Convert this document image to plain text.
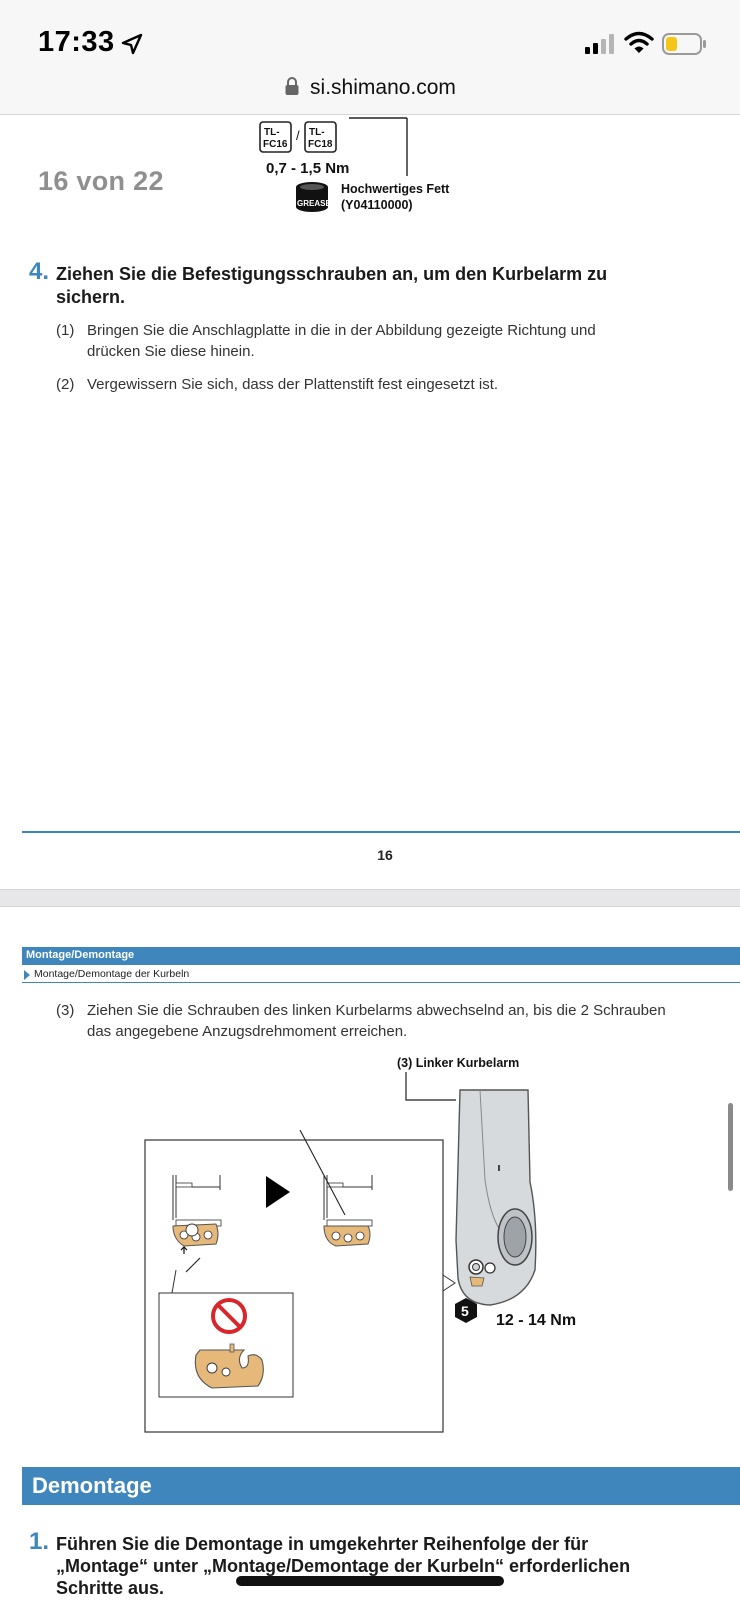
17:33
si.shimano.com
16 von 22
TL-
FC16
/ TL-
FC18
GREASE
0,7 - 1,5 Nm
Hochwertiges Fett
(Y04110000)
4. Ziehen Sie die Befestigungsschrauben an, um den Kurbelarm zu
sichern.
(1) Bringen Sie die Anschlagplatte in die in der Abbildung gezeigte Richtung und
drücken Sie diese hinein.
(2) Vergewissern Sie sich, dass der Plattenstift fest eingesetzt ist.
16
Montage/Demontage
Montage/Demontage der Kurbeln
(3) Ziehen Sie die Schrauben des linken Kurbelarms abwechselnd an, bis die 2 Schrauben
das angegebene Anzugsdrehmoment erreichen.
(3) Linker Kurbelarm
5
12 - 14 Nm
Demontage
1. Führen Sie die Demontage in umgekehrter Reihenfolge der für
„Montage“ unter „Montage/Demontage der Kurbeln“ erforderlichen
Schritte aus.
